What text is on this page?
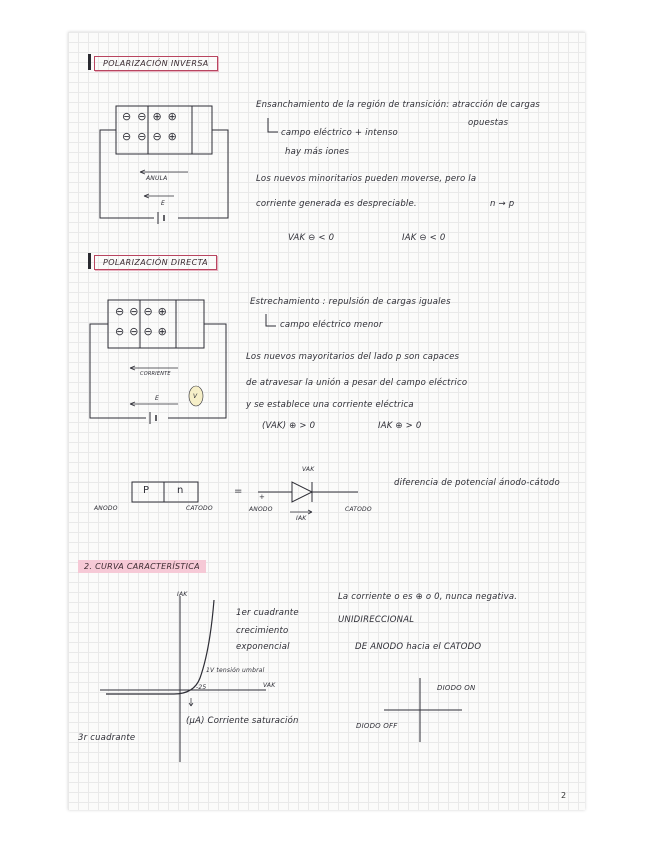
POLARIZACIÓN INVERSA
⊖⊖⊕⊕
⊖⊖⊖⊕
ANULA
E
Ensanchamiento de la región de transición: atracción de cargas
opuestas
campo eléctrico + intenso
hay más iones
Los nuevos minoritarios pueden moverse, pero la
corriente generada es despreciable.	n → p
VAK ⊖ < 0	IAK ⊖ < 0
POLARIZACIÓN DIRECTA
⊖⊖⊖⊕
⊖⊖⊖⊕
CORRIENTE
E	V
Estrechamiento : repulsión de cargas iguales
campo eléctrico menor
Los nuevos mayoritarios del lado p son capaces
de atravesar la unión a pesar del campo eléctrico
y se establece una corriente eléctrica
(VAK) ⊕ > 0	IAK ⊕ > 0
P	n
ANODO	CATODO
=
VAK
+
-
ANODO	CATODO
IAK
diferencia de potencial ánodo-cátodo
2. CURVA CARACTERÍSTICA
IAK
VAK
1V tensión umbral
-25
(μA) Corriente saturación
1er cuadrante
crecimiento
exponencial
3r cuadrante
La corriente o es ⊕ o 0, nunca negativa.
UNIDIRECCIONAL
DE ANODO hacia el CATODO
DIODO ON
DIODO OFF
2
